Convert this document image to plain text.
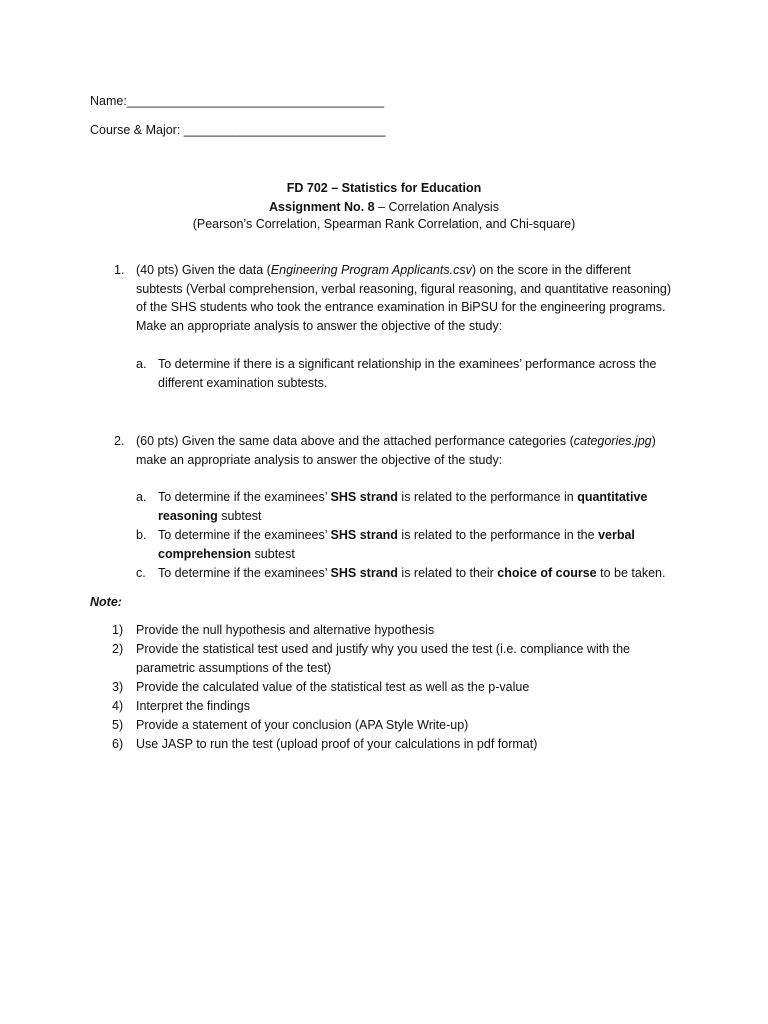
Name:_____________________________________
Course & Major: _____________________________
FD 702 – Statistics for Education
Assignment No. 8 – Correlation Analysis
(Pearson’s Correlation, Spearman Rank Correlation, and Chi-square)
1. (40 pts) Given the data (Engineering Program Applicants.csv) on the score in the different
subtests (Verbal comprehension, verbal reasoning, figural reasoning, and quantitative reasoning)
of the SHS students who took the entrance examination in BiPSU for the engineering programs.
Make an appropriate analysis to answer the objective of the study:
a. To determine if there is a significant relationship in the examinees’ performance across the
different examination subtests.
2. (60 pts) Given the same data above and the attached performance categories (categories.jpg)
make an appropriate analysis to answer the objective of the study:
a. To determine if the examinees’ SHS strand is related to the performance in quantitative
reasoning subtest
b. To determine if the examinees’ SHS strand is related to the performance in the verbal
comprehension subtest
c. To determine if the examinees’ SHS strand is related to their choice of course to be taken.
Note:
1) Provide the null hypothesis and alternative hypothesis
2) Provide the statistical test used and justify why you used the test (i.e. compliance with the
parametric assumptions of the test)
3) Provide the calculated value of the statistical test as well as the p-value
4) Interpret the findings
5) Provide a statement of your conclusion (APA Style Write-up)
6) Use JASP to run the test (upload proof of your calculations in pdf format)
